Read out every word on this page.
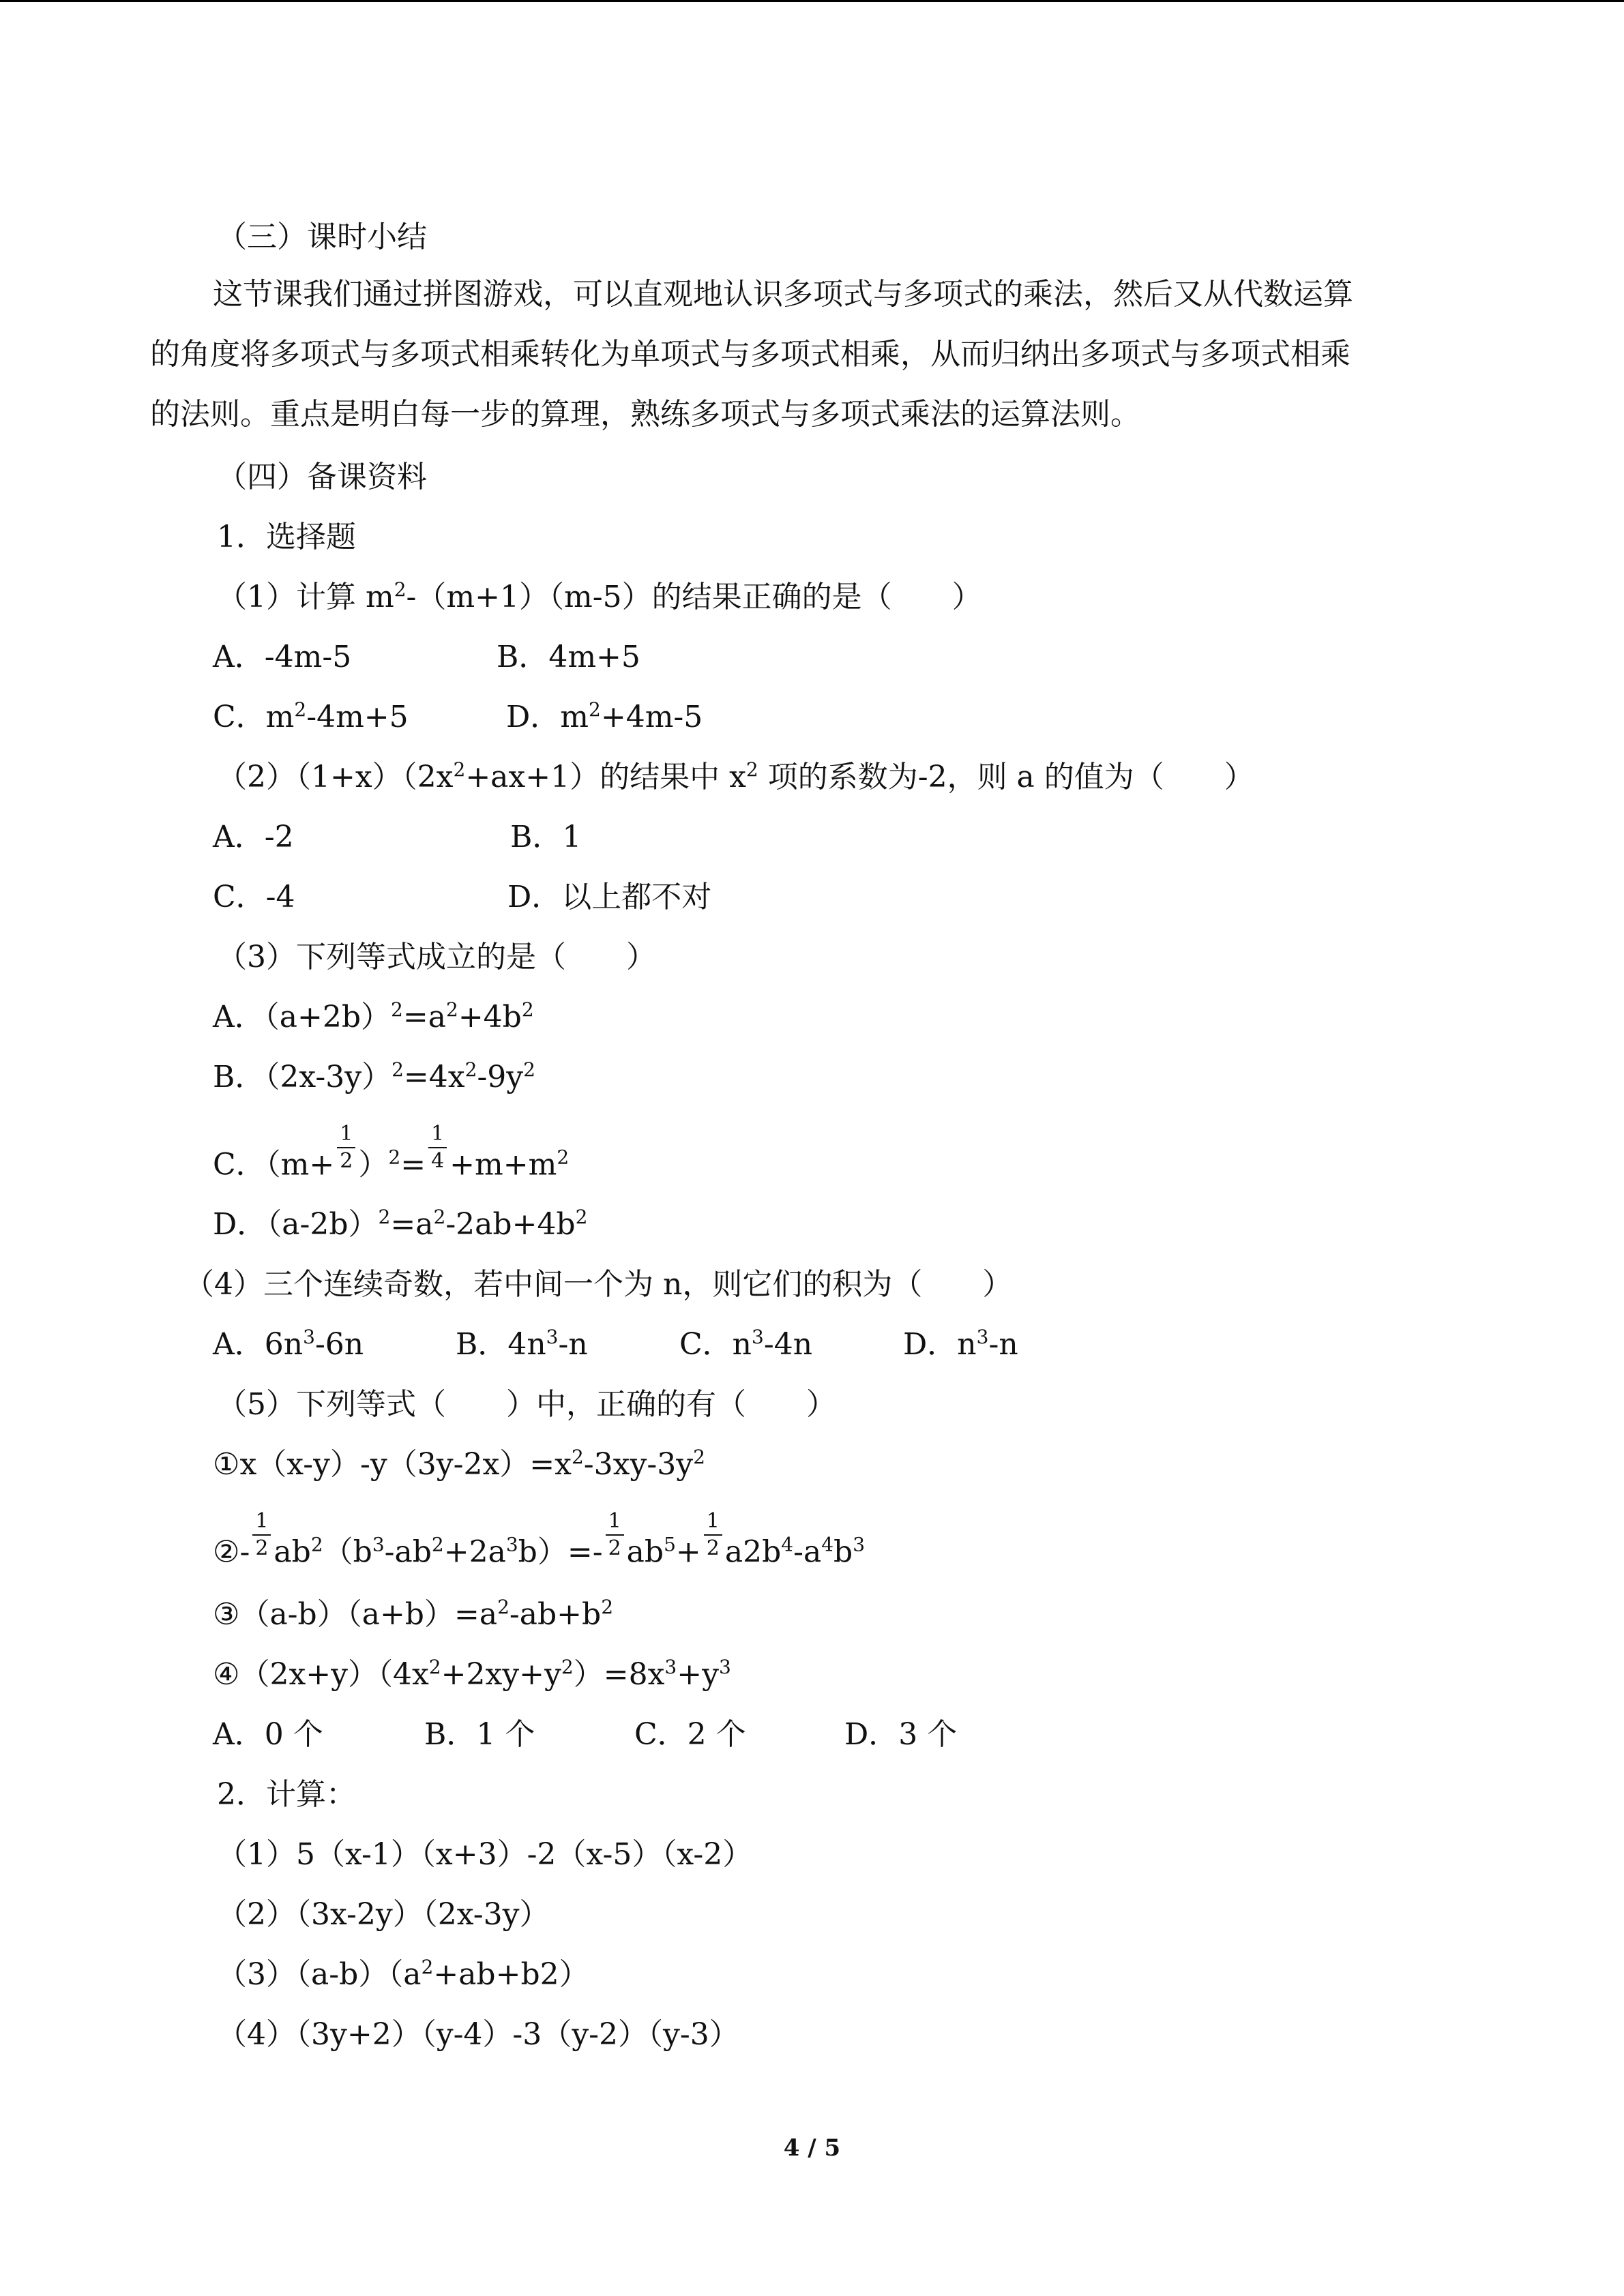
（三）课时小结
这节课我们通过拼图游戏，可以直观地认识多项式与多项式的乘法，然后又从代数运算
的角度将多项式与多项式相乘转化为单项式与多项式相乘，从而归纳出多项式与多项式相乘
的法则。重点是明白每一步的算理，熟练多项式与多项式乘法的运算法则。
（四）备课资料
1．选择题
（1）计算 $m^2-(m+1)(m-5)$的结果正确的是（　　）
A．-4m-5	B．4m+5
C．$m^2-4m+5$	D．$m^2+4m-5$
$(2)(1+x)(2x^2+ax+1)$的结果中 $x^2$ 项的系数为-2，则 a 的值为（　　）
A．-2	B．1
C．-4	D．以上都不对
（3）下列等式成立的是（　　）
A．$(a+2b)^2=a^2+4b^2$
B．$(2x-3y)^2=4x^2-9y^2$
C．$(m+ \frac{1}{2} )^2= \frac{1}{4} +m+m^2$
D．$(a-2b)^2=a^2-2ab+4b^2$
（4）三个连续奇数，若中间一个为 n，则它们的积为（　　）
A．$6n^3-6n$	B．$4n^3-n$	C．$n^3-4n$	D．$n^3-n$
（5）下列等式（　　）中，正确的有（　　）
$①x(x-y)-y(3y-2x)=x^2-3xy-3y^2$
②- $\frac{1}{2} ab^2(b^3-ab^2+2a^3b)=- \frac{1}{2} ab^5+ \frac{1}{2} a2b^4-a^4b^3$
$③(a-b)(a+b)=a^2-ab+b^2$
$④(2x+y)(4x^2+2xy+y^2)=8x^3+y^3$
A．0 个	B．1 个	C．2 个	D．3 个
2．计算：
（1）5（x-1）（x+3）-2（x-5）（x-2）
（2）（3x-2y）（2x-3y）
$(3)(a-b)(a^2+ab+b2)$
（4）（3y+2）（y-4）-3（y-2）（y-3）
4 / 5
